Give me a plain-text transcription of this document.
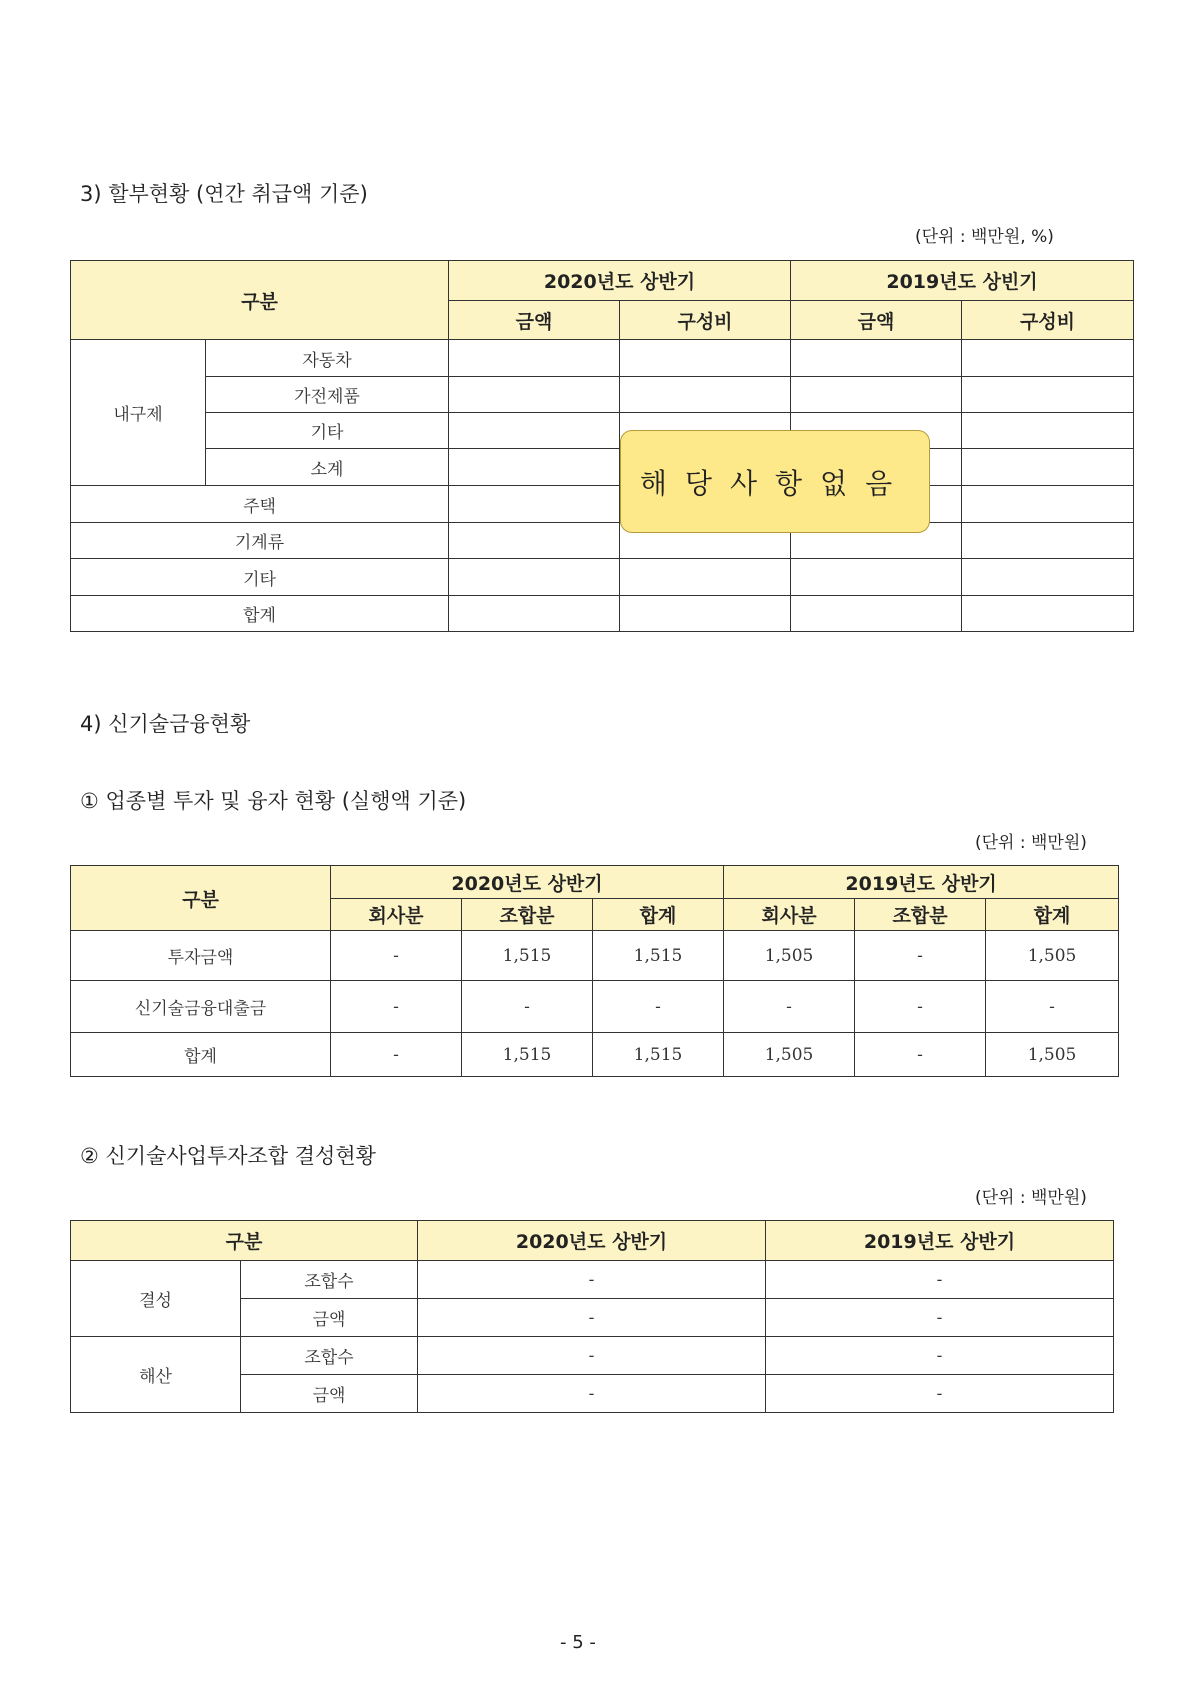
3) 할부현황 (연간 취급액 기준)
(단위 : 백만원, %)
구분		2020년도 상반기		2019년도 상빈기	
		금액	구성비	금액	구성비
내구제	자동차				
	가전제품				
	기타				
	소계				
주택					
기계류					
기타					
합계					
해당사항없음
4) 신기술금융현황
① 업종별 투자 및 융자 현황 (실행액 기준)
(단위 : 백만원)
구분	2020년도 상반기			2019년도 상반기		
	회사분	조합분	합계	회사분	조합분	합계
투자금액	-	1,515	1,515	1,505	-	1,505
신기술금융대출금	-	-	-	-	-	-
합계	-	1,515	1,515	1,505	-	1,505
② 신기술사업투자조합 결성현황
(단위 : 백만원)
구분		2020년도 상반기	2019년도 상반기
결성	조합수	-	-
	금액	-	-
해산	조합수	-	-
	금액	-	-
- 5 -
